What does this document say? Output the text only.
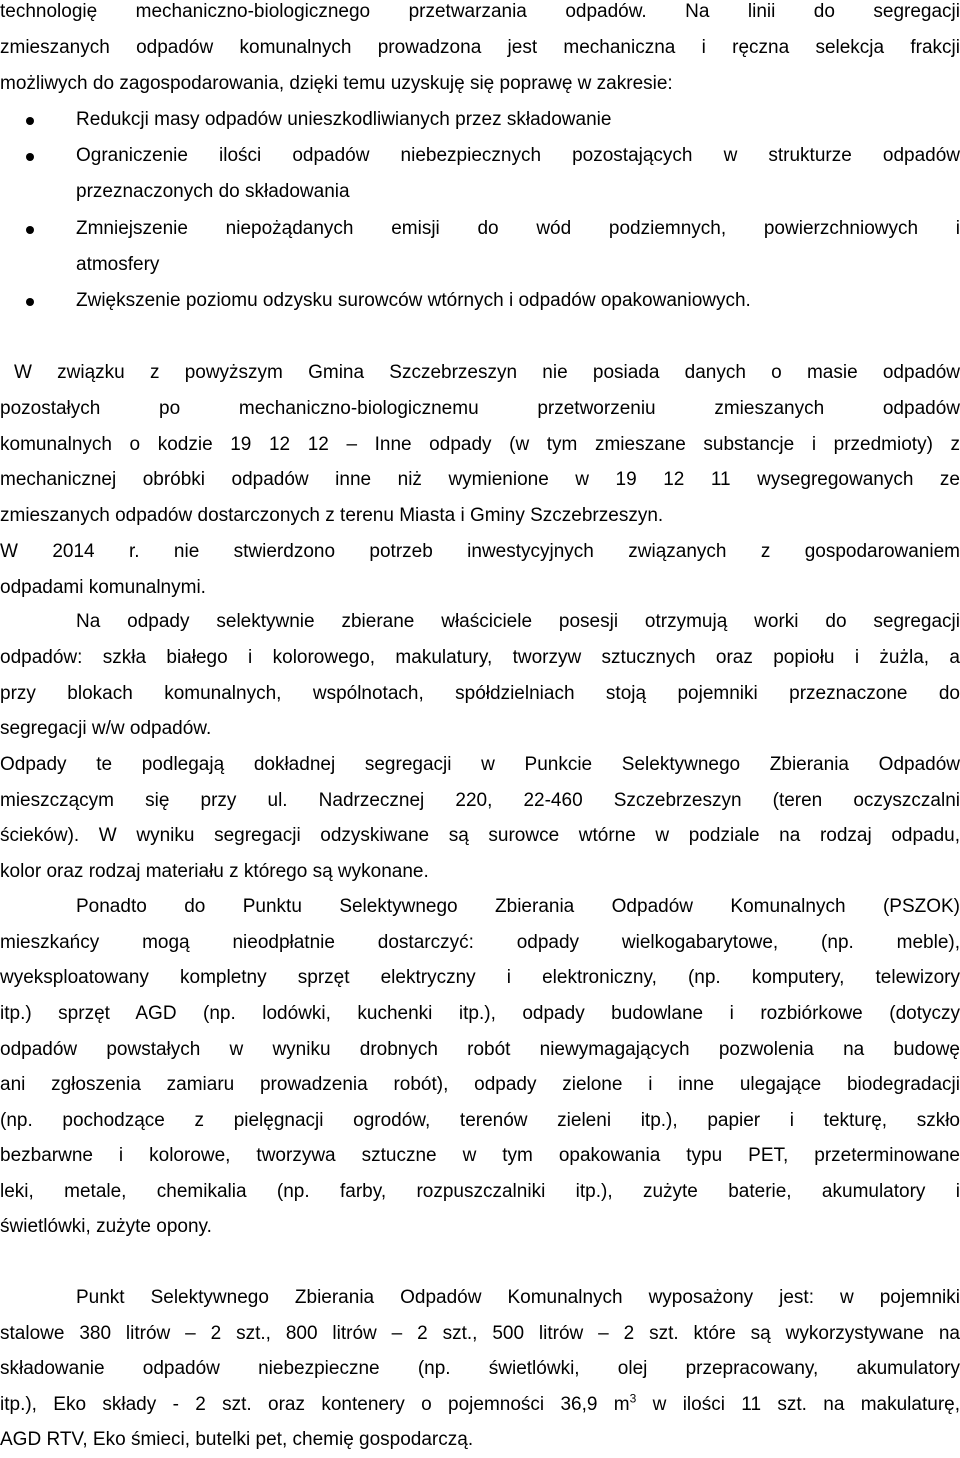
technologię mechaniczno-biologicznego przetwarzania odpadów. Na linii do segregacji
zmieszanych odpadów komunalnych prowadzona jest mechaniczna i ręczna selekcja frakcji
możliwych do zagospodarowania, dzięki temu uzyskuję się poprawę w zakresie:
Redukcji masy odpadów unieszkodliwianych przez składowanie
Ograniczenie ilości odpadów niebezpiecznych pozostających w strukturze odpadów
przeznaczonych do składowania
Zmniejszenie niepożądanych emisji do wód podziemnych, powierzchniowych i
atmosfery
Zwiększenie poziomu odzysku surowców wtórnych i odpadów opakowaniowych.
W związku z powyższym Gmina Szczebrzeszyn nie posiada danych o masie odpadów
pozostałych po mechaniczno-biologicznemu przetworzeniu zmieszanych odpadów
komunalnych o kodzie 19 12 12 – Inne odpady (w tym zmieszane substancje i przedmioty) z
mechanicznej obróbki odpadów inne niż wymienione w 19 12 11 wysegregowanych ze
zmieszanych odpadów dostarczonych z terenu Miasta i Gminy Szczebrzeszyn.
W 2014 r. nie stwierdzono potrzeb inwestycyjnych związanych z gospodarowaniem
odpadami komunalnymi.
Na odpady selektywnie zbierane właściciele posesji otrzymują worki do segregacji
odpadów: szkła białego i kolorowego, makulatury, tworzyw sztucznych oraz popiołu i żużla, a
przy blokach komunalnych, wspólnotach, spółdzielniach stoją pojemniki przeznaczone do
segregacji w/w odpadów.
Odpady te podlegają dokładnej segregacji w Punkcie Selektywnego Zbierania Odpadów
mieszczącym się przy ul. Nadrzecznej 220, 22-460 Szczebrzeszyn (teren oczyszczalni
ścieków). W wyniku segregacji odzyskiwane są surowce wtórne w podziale na rodzaj odpadu,
kolor oraz rodzaj materiału z którego są wykonane.
Ponadto do Punktu Selektywnego Zbierania Odpadów Komunalnych (PSZOK)
mieszkańcy mogą nieodpłatnie dostarczyć: odpady wielkogabarytowe, (np. meble),
wyeksploatowany kompletny sprzęt elektryczny i elektroniczny, (np. komputery, telewizory
itp.) sprzęt AGD (np. lodówki, kuchenki itp.), odpady budowlane i rozbiórkowe (dotyczy
odpadów powstałych w wyniku drobnych robót niewymagających pozwolenia na budowę
ani zgłoszenia zamiaru prowadzenia robót), odpady zielone i inne ulegające biodegradacji
(np. pochodzące z pielęgnacji ogrodów, terenów zieleni itp.), papier i tekturę, szkło
bezbarwne i kolorowe, tworzywa sztuczne w tym opakowania typu PET, przeterminowane
leki, metale, chemikalia (np. farby, rozpuszczalniki itp.), zużyte baterie, akumulatory i
świetlówki, zużyte opony.
Punkt Selektywnego Zbierania Odpadów Komunalnych wyposażony jest: w pojemniki
stalowe 380 litrów – 2 szt., 800 litrów – 2 szt., 500 litrów – 2 szt. które są wykorzystywane na
składowanie odpadów niebezpieczne (np. świetlówki, olej przepracowany, akumulatory
itp.), Eko składy - 2 szt. oraz kontenery o pojemności 36,9 $m^3$ w ilości 11 szt. na makulaturę,
AGD RTV, Eko śmieci, butelki pet, chemię gospodarczą.
